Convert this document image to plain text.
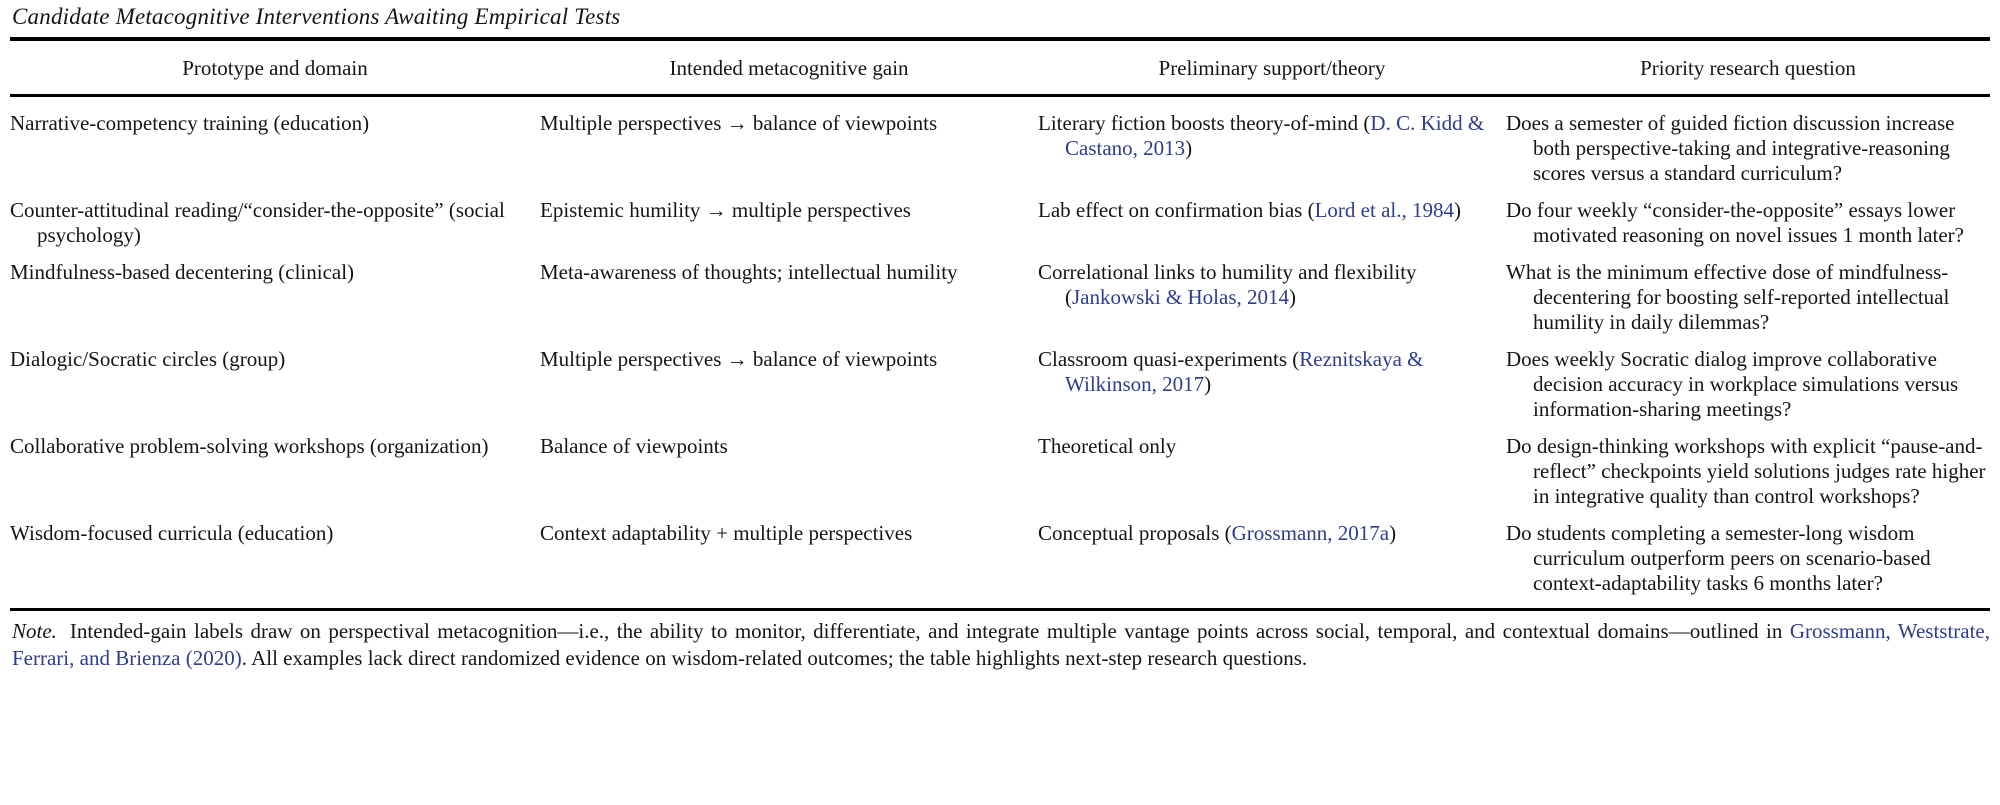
Candidate Metacognitive Interventions Awaiting Empirical Tests
Prototype and domain	Intended metacognitive gain	Preliminary support/theory	Priority research question

Narrative-competency training (education)	Multiple perspectives → balance of viewpoints	Literary fiction boosts theory-of-mind (D. C. Kidd & Castano, 2013)	Does a semester of guided fiction discussion increase both perspective-taking and integrative-reasoning scores versus a standard curriculum?

Counter-attitudinal reading/“consider-the-opposite” (social psychology)	Epistemic humility → multiple perspectives	Lab effect on confirmation bias (Lord et al., 1984)	Do four weekly “consider-the-opposite” essays lower motivated reasoning on novel issues 1 month later?

Mindfulness-based decentering (clinical)	Meta-awareness of thoughts; intellectual humility	Correlational links to humility and flexibility (Jankowski & Holas, 2014)	What is the minimum effective dose of mindfulness-decentering for boosting self-reported intellectual humility in daily dilemmas?

Dialogic/Socratic circles (group)	Multiple perspectives → balance of viewpoints	Classroom quasi-experiments (Reznitskaya & Wilkinson, 2017)	Does weekly Socratic dialog improve collaborative decision accuracy in workplace simulations versus information-sharing meetings?

Collaborative problem-solving workshops (organization)	Balance of viewpoints	Theoretical only	Do design-thinking workshops with explicit “pause-and-reflect” checkpoints yield solutions judges rate higher in integrative quality than control workshops?

Wisdom-focused curricula (education)	Context adaptability + multiple perspectives	Conceptual proposals (Grossmann, 2017a)	Do students completing a semester-long wisdom curriculum outperform peers on scenario-based context-adaptability tasks 6 months later?
Note. Intended-gain labels draw on perspectival metacognition—i.e., the ability to monitor, differentiate, and integrate multiple vantage points across social, temporal, and contextual domains—outlined in Grossmann, Weststrate, Ferrari, and Brienza (2020). All examples lack direct randomized evidence on wisdom-related outcomes; the table highlights next-step research questions.
